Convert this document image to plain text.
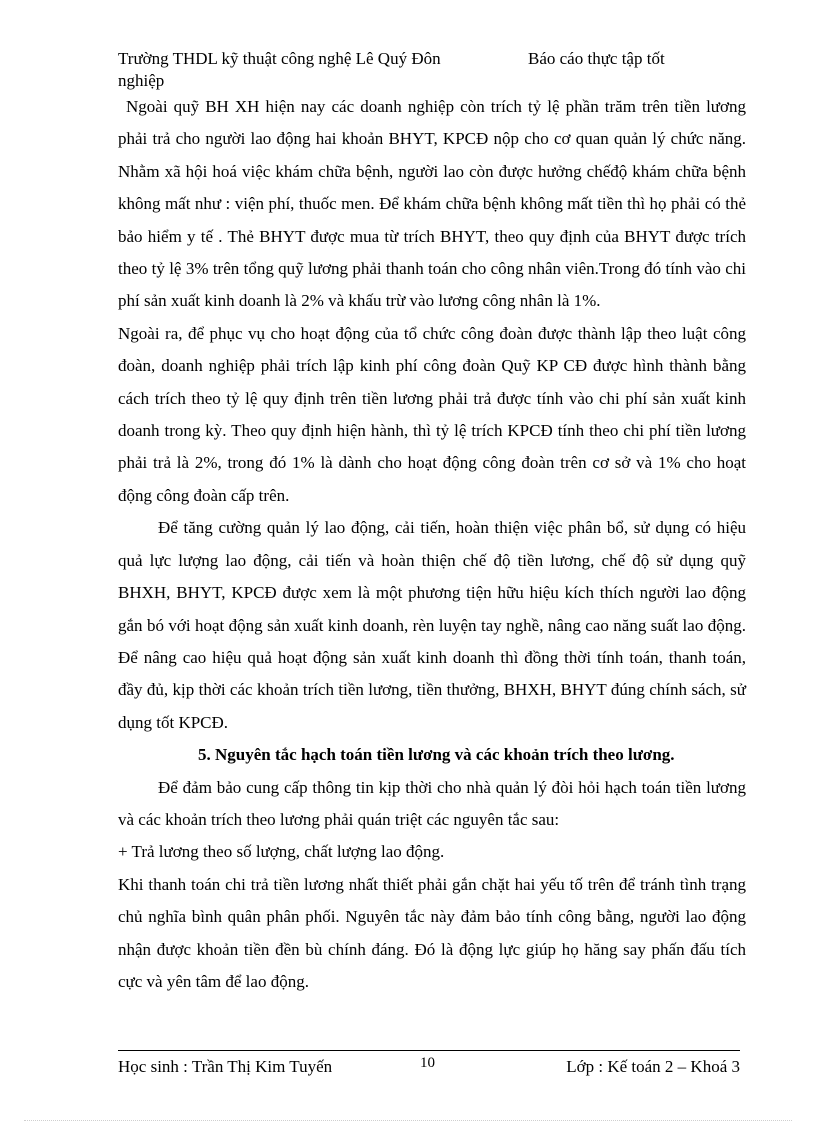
Trường THDL kỹ thuật công nghệ Lê Quý Đôn	Báo cáo thực tập tốt
nghiệp

Ngoài quỹ BH XH hiện nay các doanh nghiệp còn trích tỷ lệ phần trăm trên tiền lương phải trả cho người lao động hai khoản BHYT, KPCĐ nộp cho cơ quan quản lý chức năng. Nhằm xã hội hoá việc khám chữa bệnh, người lao còn được hưởng chếđộ khám chữa bệnh không mất như : viện phí, thuốc men. Để khám chữa bệnh không mất tiền thì họ phải có thẻ bảo hiểm y tế . Thẻ BHYT được mua từ trích BHYT, theo quy định của BHYT được trích theo tỷ lệ 3% trên tổng quỹ lương phải thanh toán cho công nhân viên.Trong đó tính vào chi phí sản xuất kinh doanh là 2% và khấu trừ vào lương công nhân là 1%.

Ngoài ra, để phục vụ cho hoạt động của tổ chức công đoàn được thành lập theo luật công đoàn, doanh nghiệp phải trích lập kinh phí công đoàn Quỹ KP CĐ được hình thành bằng cách trích theo tỷ lệ quy định trên tiền lương phải trả được tính vào chi phí sản xuất kinh doanh trong kỳ. Theo quy định hiện hành, thì tỷ lệ trích KPCĐ tính theo chi phí tiền lương phải trả là 2%, trong đó 1% là dành cho hoạt động công đoàn trên cơ sở và 1% cho hoạt động công đoàn cấp trên.

Để tăng cường quản lý lao động, cải tiến, hoàn thiện việc phân bổ, sử dụng có hiệu quả lực lượng lao động, cải tiến và hoàn thiện chế độ tiền lương, chế độ sử dụng quỹ BHXH, BHYT, KPCĐ được xem là một phương tiện hữu hiệu kích thích người lao động gắn bó với hoạt động sản xuất kinh doanh, rèn luyện tay nghề, nâng cao năng suất lao động. Để nâng cao hiệu quả hoạt động sản xuất kinh doanh thì đồng thời tính toán, thanh toán, đầy đủ, kịp thời các khoản trích tiền lương, tiền thưởng, BHXH, BHYT đúng chính sách, sử dụng tốt KPCĐ.

5. Nguyên tắc hạch toán tiền lương và các khoản trích theo lương.

Để đảm bảo cung cấp thông tin kịp thời cho nhà quản lý đòi hỏi hạch toán tiền lương và các khoản trích theo lương phải quán triệt các nguyên tắc sau:

+ Trả lương theo số lượng, chất lượng lao động.

Khi thanh toán chi trả tiền lương nhất thiết phải gắn chặt hai yếu tố trên để tránh tình trạng chủ nghĩa bình quân phân phối. Nguyên tắc này đảm bảo tính công bằng, người lao động nhận được khoản tiền đền bù chính đáng. Đó là động lực giúp họ hăng say phấn đấu tích cực và yên tâm để lao động.

Học sinh : Trần Thị Kim Tuyến	10	Lớp : Kế toán 2 – Khoá 3
